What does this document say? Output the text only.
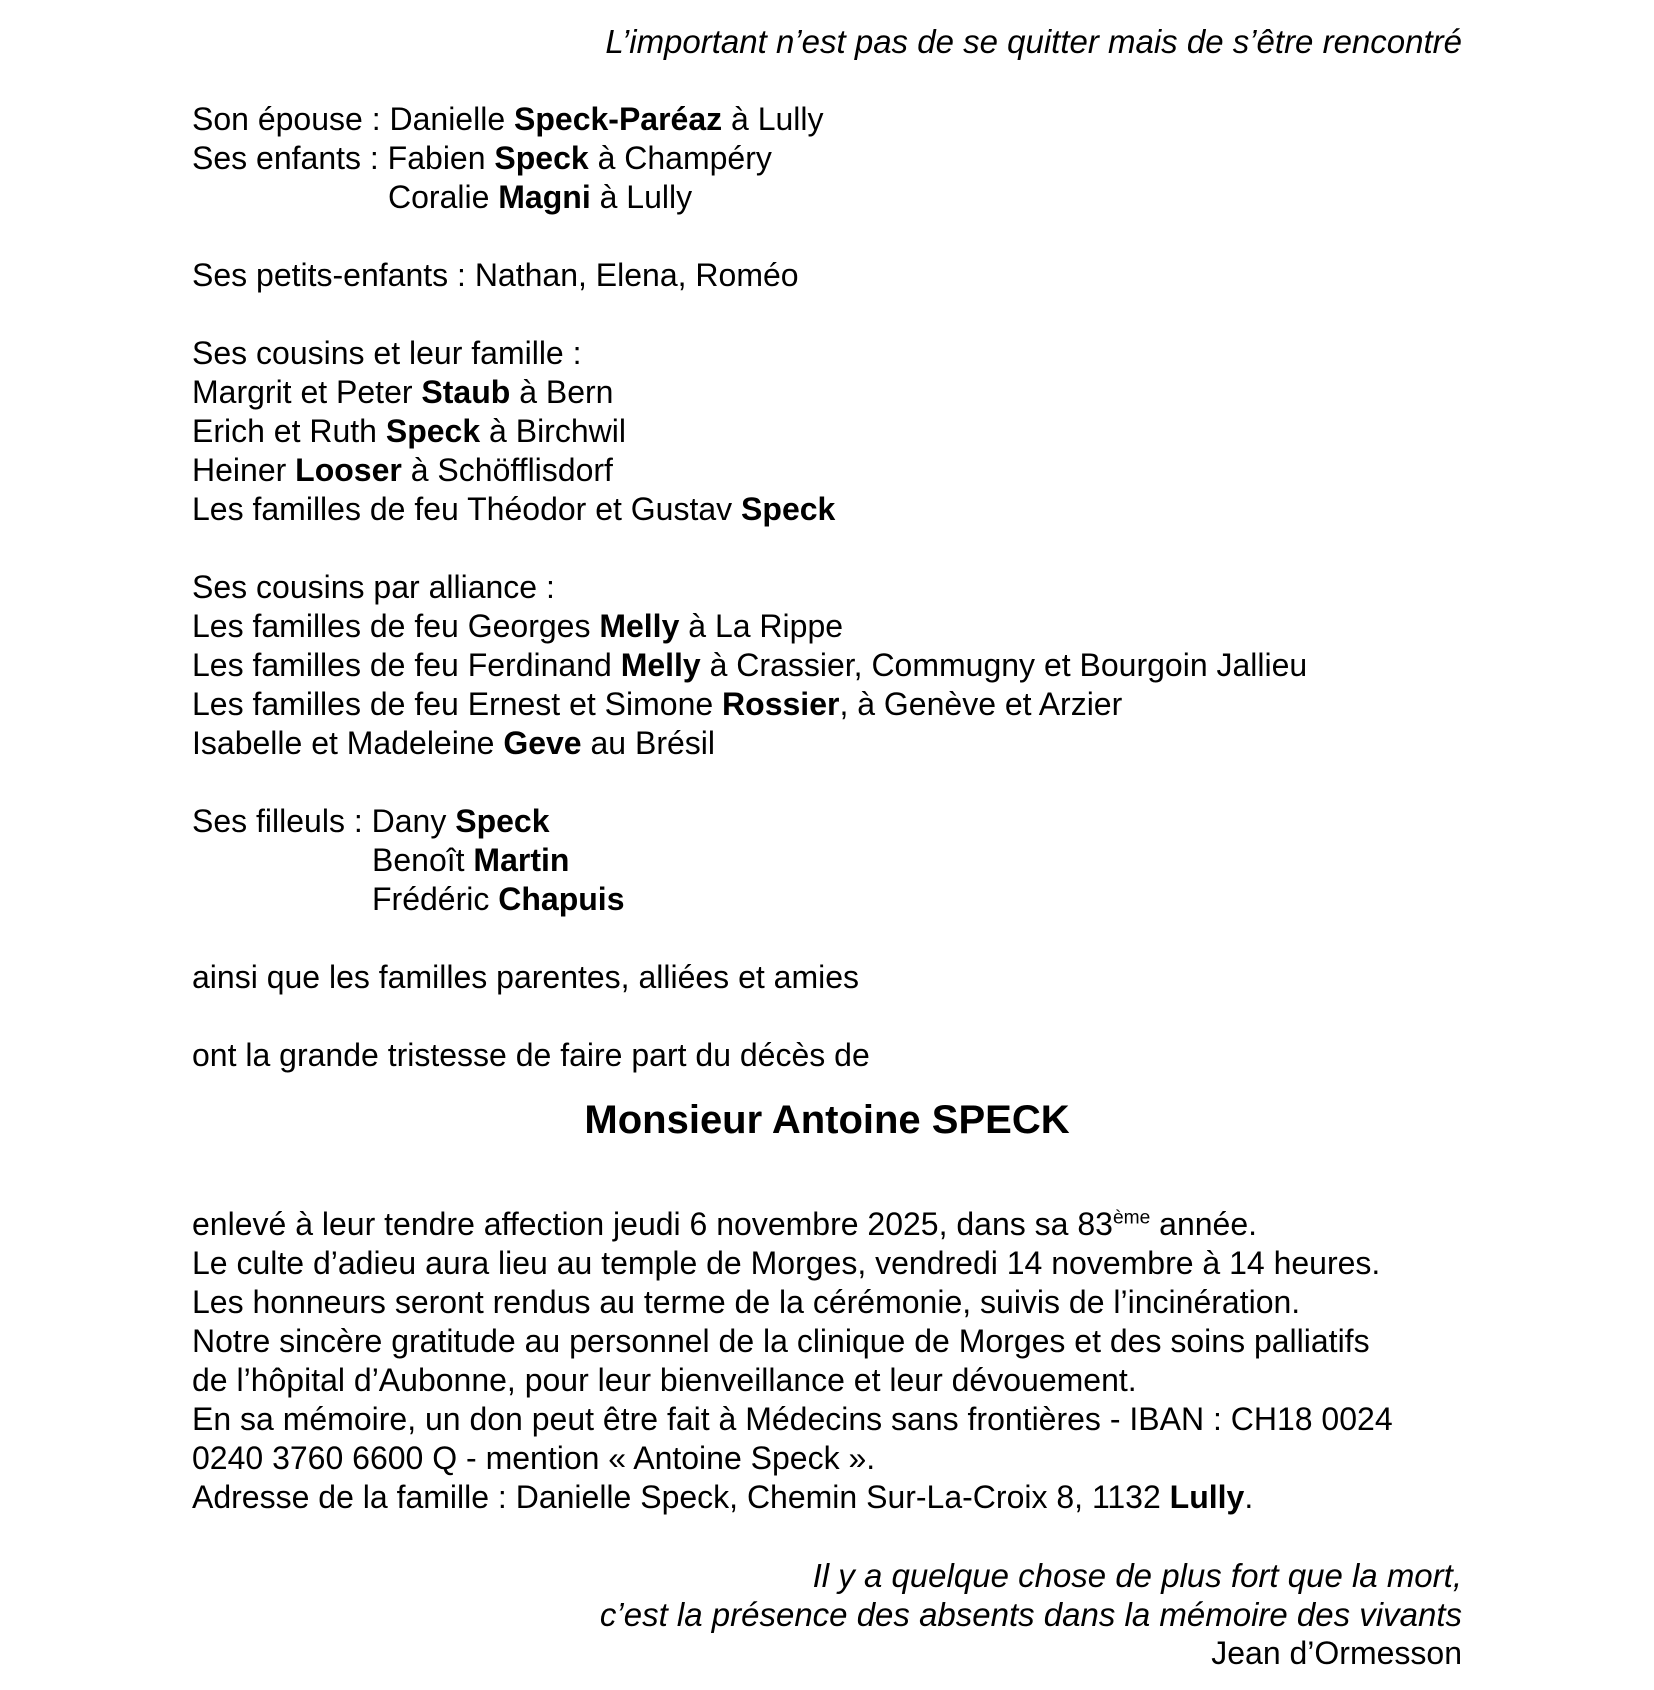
L’important n’est pas de se quitter mais de s’être rencontré
Son épouse : Danielle Speck-Paréaz à Lully
Ses enfants : Fabien Speck à Champéry
Coralie Magni à Lully
Ses petits-enfants : Nathan, Elena, Roméo
Ses cousins et leur famille :
Margrit et Peter Staub à Bern
Erich et Ruth Speck à Birchwil
Heiner Looser à Schöfflisdorf
Les familles de feu Théodor et Gustav Speck
Ses cousins par alliance :
Les familles de feu Georges Melly à La Rippe
Les familles de feu Ferdinand Melly à Crassier, Commugny et Bourgoin Jallieu
Les familles de feu Ernest et Simone Rossier, à Genève et Arzier
Isabelle et Madeleine Geve au Brésil
Ses filleuls : Dany Speck
Benoît Martin
Frédéric Chapuis
ainsi que les familles parentes, alliées et amies
ont la grande tristesse de faire part du décès de
Monsieur Antoine SPECK
enlevé à leur tendre affection jeudi 6 novembre 2025, dans sa 83ème année.
Le culte d’adieu aura lieu au temple de Morges, vendredi 14 novembre à 14 heures.
Les honneurs seront rendus au terme de la cérémonie, suivis de l’incinération.
Notre sincère gratitude au personnel de la clinique de Morges et des soins palliatifs
de l’hôpital d’Aubonne, pour leur bienveillance et leur dévouement.
En sa mémoire, un don peut être fait à Médecins sans frontières - IBAN : CH18 0024
0240 3760 6600 Q - mention « Antoine Speck ».
Adresse de la famille : Danielle Speck, Chemin Sur-La-Croix 8, 1132 Lully.
Il y a quelque chose de plus fort que la mort,
c’est la présence des absents dans la mémoire des vivants
Jean d’Ormesson
